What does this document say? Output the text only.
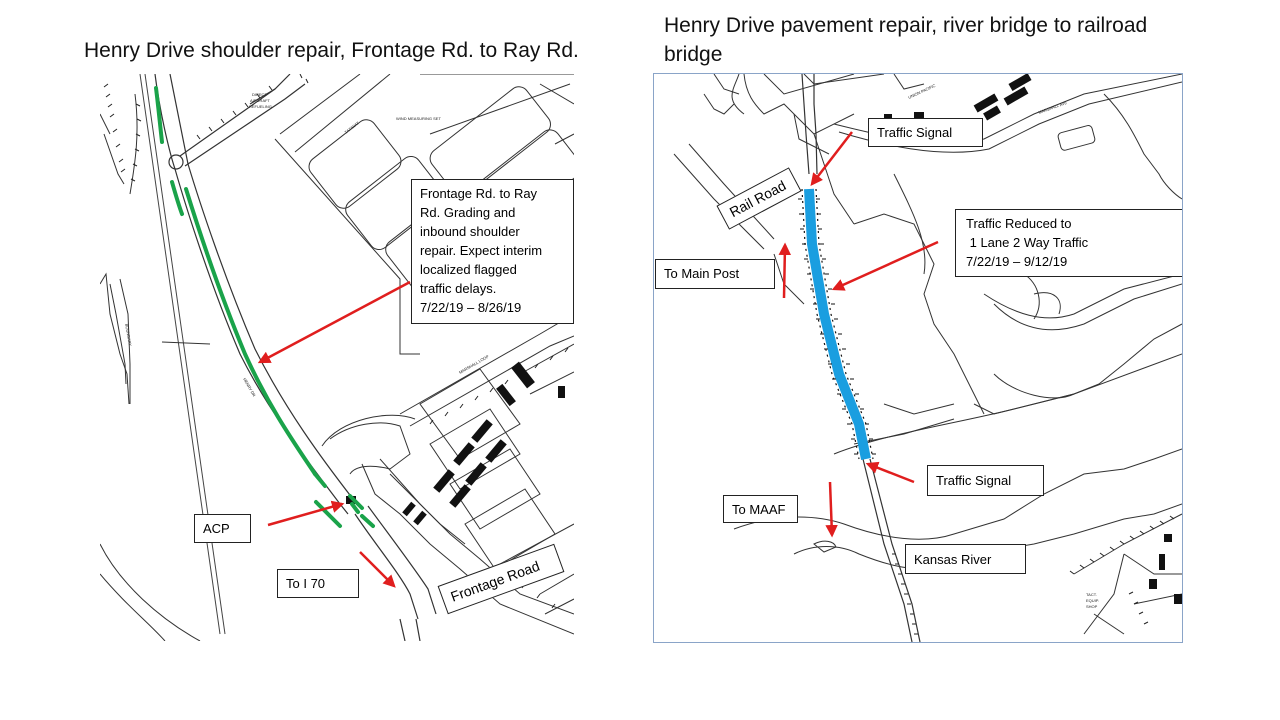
Henry Drive shoulder repair, Frontage Rd. to Ray Rd.
Henry Drive pavement repair, river bridge to railroad bridge
DIRECT
AIRCRAFT
REFUELING
TAXIWAY
WIND MEASURING SET
HENRY DR
BOUNDARY
MARSHALL LOOP
Frontage Rd. to Ray
Rd. Grading and
inbound shoulder
repair. Expect interim
localized flagged
traffic delays.
7/22/19 – 8/26/19
ACP
To I 70	Frontage Road
UNION PACIFIC
MARSHALL AVE
TACT.
EQUIP.
SHOP
Traffic Signal
Rail Road
Traffic Reduced to
1 Lane 2 Way Traffic
7/22/19 – 9/12/19
To Main Post
Traffic Signal
To MAAF
Kansas River
